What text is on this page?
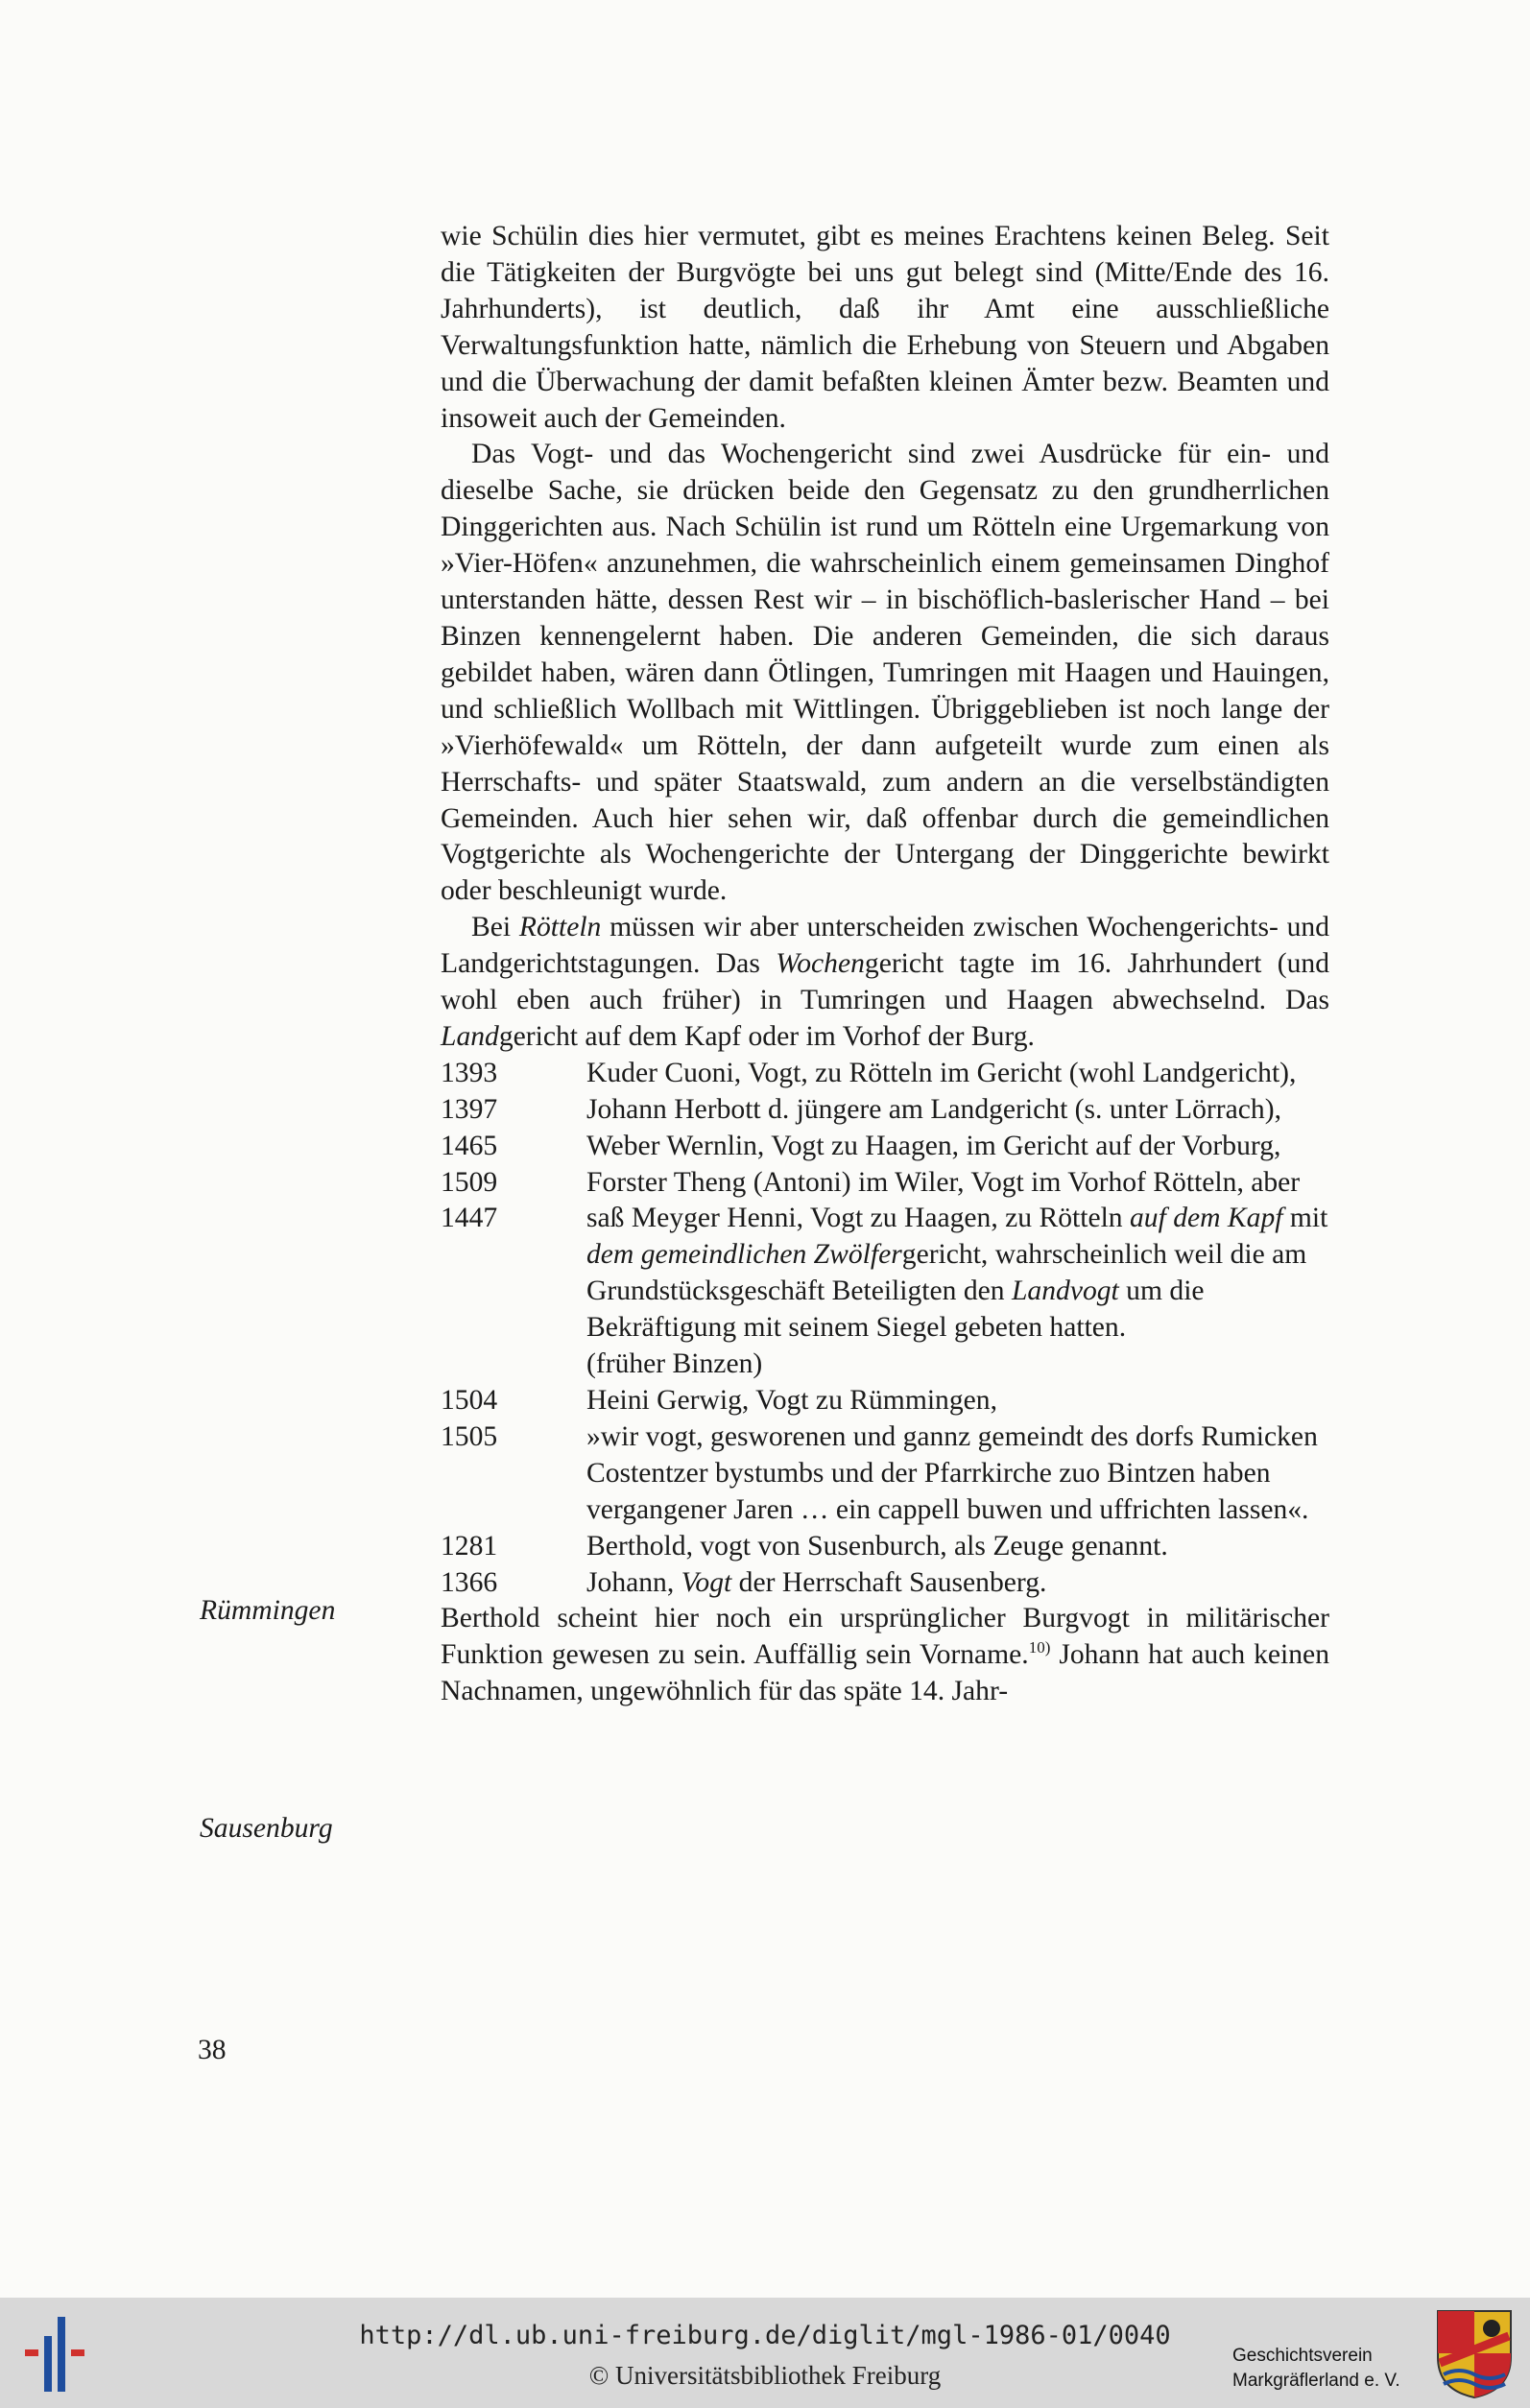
wie Schülin dies hier vermutet, gibt es meines Erachtens keinen Beleg. Seit die Tätigkeiten der Burgvögte bei uns gut belegt sind (Mitte/Ende des 16. Jahrhunderts), ist deutlich, daß ihr Amt eine ausschließliche Verwaltungsfunktion hatte, nämlich die Erhebung von Steuern und Abgaben und die Überwachung der damit befaßten kleinen Ämter bezw. Beamten und insoweit auch der Gemeinden.

Das Vogt- und das Wochengericht sind zwei Ausdrücke für ein- und dieselbe Sache, sie drücken beide den Gegensatz zu den grundherrlichen Dinggerichten aus. Nach Schülin ist rund um Rötteln eine Urgemarkung von »Vier-Höfen« anzunehmen, die wahrscheinlich einem gemeinsamen Dinghof unterstanden hätte, dessen Rest wir – in bischöflich-baslerischer Hand – bei Binzen kennengelernt haben. Die anderen Gemeinden, die sich daraus gebildet haben, wären dann Ötlingen, Tumringen mit Haagen und Hauingen, und schließlich Wollbach mit Wittlingen. Übriggeblieben ist noch lange der »Vierhöfewald« um Rötteln, der dann aufgeteilt wurde zum einen als Herrschafts- und später Staatswald, zum andern an die verselbständigten Gemeinden. Auch hier sehen wir, daß offenbar durch die gemeindlichen Vogtgerichte als Wochengerichte der Untergang der Dinggerichte bewirkt oder beschleunigt wurde.

Bei Rötteln müssen wir aber unterscheiden zwischen Wochengerichts- und Landgerichtstagungen. Das Wochengericht tagte im 16. Jahrhundert (und wohl eben auch früher) in Tumringen und Haagen abwechselnd. Das Landgericht auf dem Kapf oder im Vorhof der Burg.

1393	Kuder Cuoni, Vogt, zu Rötteln im Gericht (wohl Landgericht),
1397	Johann Herbott d. jüngere am Landgericht (s. unter Lörrach),
1465	Weber Wernlin, Vogt zu Haagen, im Gericht auf der Vorburg,
1509	Forster Theng (Antoni) im Wiler, Vogt im Vorhof Rötteln, aber
1447	saß Meyger Henni, Vogt zu Haagen, zu Rötteln auf dem Kapf mit dem gemeindlichen Zwölfergericht, wahrscheinlich weil die am Grundstücksgeschäft Beteiligten den Landvogt um die Bekräftigung mit seinem Siegel gebeten hatten.
(früher Binzen)
1504	Heini Gerwig, Vogt zu Rümmingen,
1505	»wir vogt, gesworenen und gannz gemeindt des dorfs Rumicken Costentzer bystumbs und der Pfarrkirche zuo Bintzen haben vergangener Jaren … ein cappell buwen und uffrichten lassen«.
1281	Berthold, vogt von Susenburch, als Zeuge genannt.
1366	Johann, Vogt der Herrschaft Sausenberg.

Berthold scheint hier noch ein ursprünglicher Burgvogt in militärischer Funktion gewesen zu sein. Auffällig sein Vorname.$^{10)}$ Johann hat auch keinen Nachnamen, ungewöhnlich für das späte 14. Jahr-

Rümmingen
Sausenburg
38
http://dl.ub.uni-freiburg.de/diglit/mgl-1986-01/0040
© Universitätsbibliothek Freiburg
Geschichtsverein
Markgräflerland e. V.
